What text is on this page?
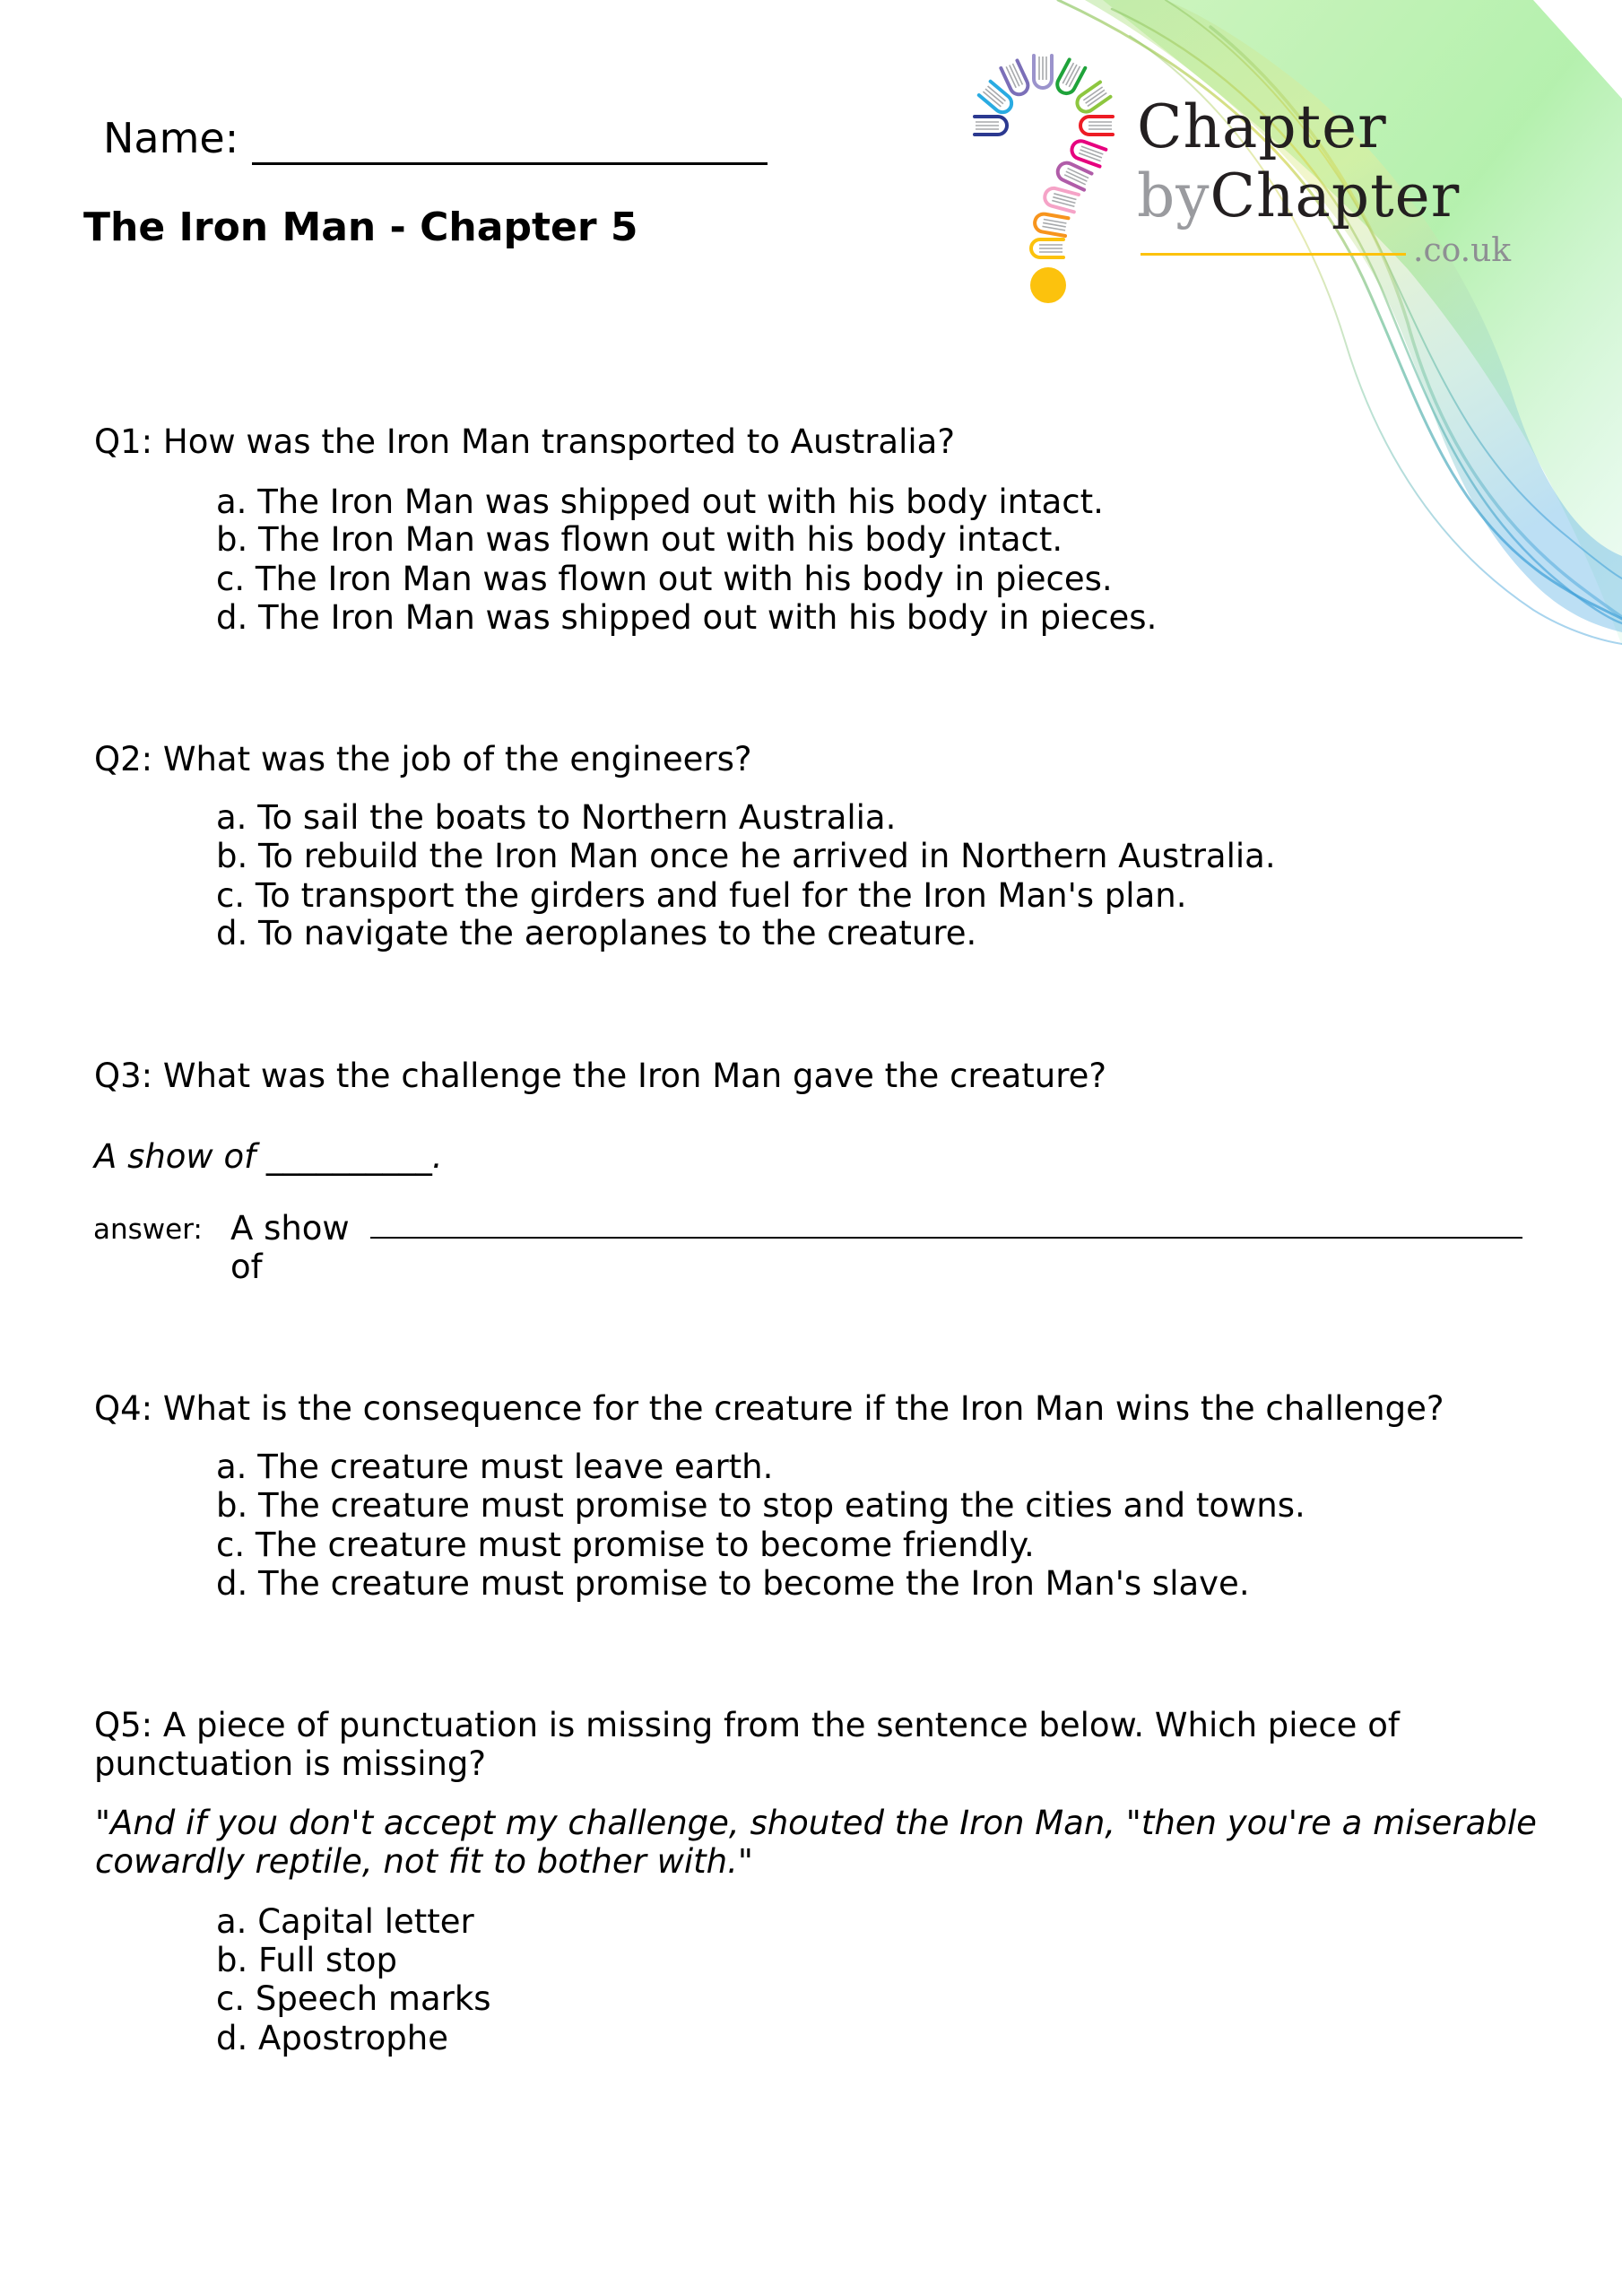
Chapter
byChapter
.co.uk
Name:
The Iron Man - Chapter 5
Q1: How was the Iron Man transported to Australia?
a. The Iron Man was shipped out with his body intact.
b. The Iron Man was flown out with his body intact.
c. The Iron Man was flown out with his body in pieces.
d. The Iron Man was shipped out with his body in pieces.
Q2: What was the job of the engineers?
a. To sail the boats to Northern Australia.
b. To rebuild the Iron Man once he arrived in Northern Australia.
c. To transport the girders and fuel for the Iron Man's plan.
d. To navigate the aeroplanes to the creature.
Q3: What was the challenge the Iron Man gave the creature?
A show of __________.
answer: A show
of
Q4: What is the consequence for the creature if the Iron Man wins the challenge?
a. The creature must leave earth.
b. The creature must promise to stop eating the cities and towns.
c. The creature must promise to become friendly.
d. The creature must promise to become the Iron Man's slave.
Q5: A piece of punctuation is missing from the sentence below. Which piece of
punctuation is missing?
"And if you don't accept my challenge, shouted the Iron Man, "then you're a miserable
cowardly reptile, not fit to bother with."
a. Capital letter
b. Full stop
c. Speech marks
d. Apostrophe
